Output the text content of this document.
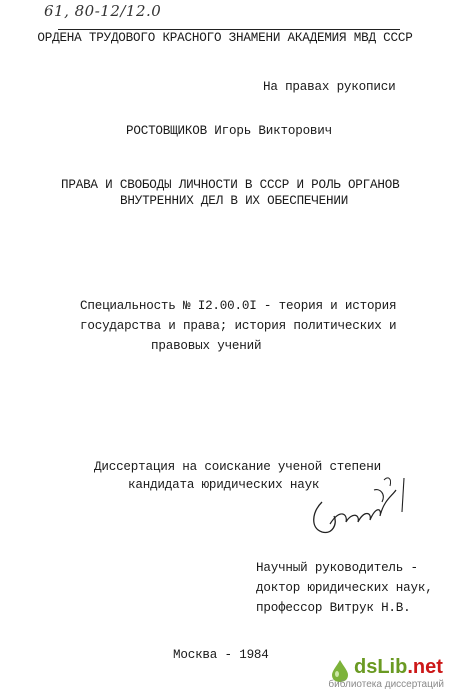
61, 80-12/12.0
ОРДЕНА ТРУДОВОГО КРАСНОГО ЗНАМЕНИ АКАДЕМИЯ МВД СССР
На правах рукописи
РОСТОВЩИКОВ Игорь Викторович
ПРАВА И СВОБОДЫ ЛИЧНОСТИ В СССР И РОЛЬ ОРГАНОВ
ВНУТРЕННИХ ДЕЛ В ИХ ОБЕСПЕЧЕНИИ
Специальность № I2.00.0I - теория и история
государства и права; история политических и
правовых учений
Диссертация на соискание ученой степени
кандидата юридических наук
Научный руководитель -
доктор юридических наук,
профессор Витрук Н.В.
Москва - 1984
dsLib.net
библиотека диссертаций
